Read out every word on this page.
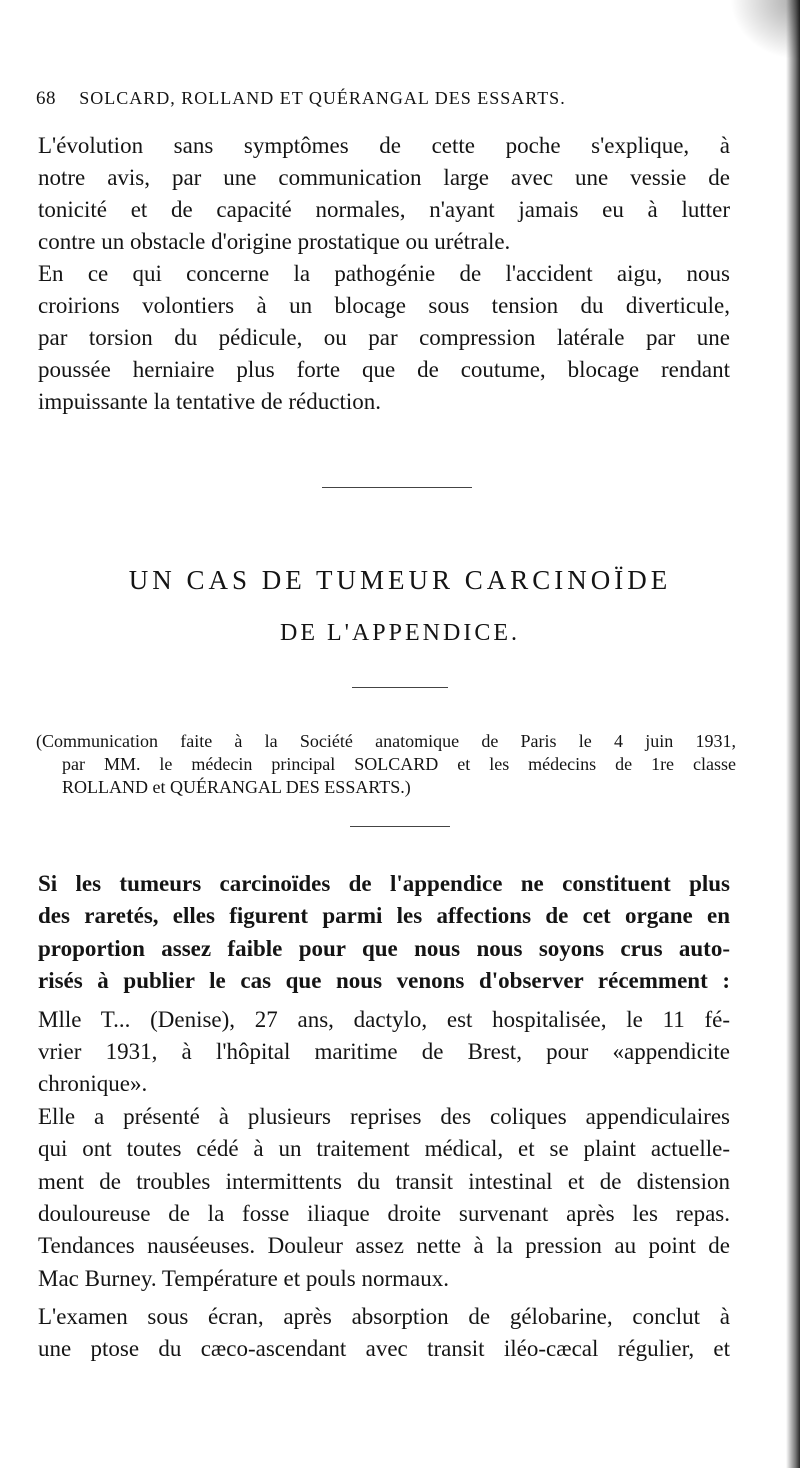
68 SOLCARD, ROLLAND ET QUÉRANGAL DES ESSARTS.
L'évolution sans symptômes de cette poche s'explique, à
notre avis, par une communication large avec une vessie de
tonicité et de capacité normales, n'ayant jamais eu à lutter
contre un obstacle d'origine prostatique ou urétrale.
En ce qui concerne la pathogénie de l'accident aigu, nous
croirions volontiers à un blocage sous tension du diverticule,
par torsion du pédicule, ou par compression latérale par une
poussée herniaire plus forte que de coutume, blocage rendant
impuissante la tentative de réduction.
UN CAS DE TUMEUR CARCINOÏDE
DE L'APPENDICE.
(Communication faite à la Société anatomique de Paris le 4 juin 1931,
par MM. le médecin principal SOLCARD et les médecins de 1re classe
ROLLAND et QUÉRANGAL DES ESSARTS.)
Si les tumeurs carcinoïdes de l'appendice ne constituent plus
des raretés, elles figurent parmi les affections de cet organe en
proportion assez faible pour que nous nous soyons crus auto-
risés à publier le cas que nous venons d'observer récemment :
Mlle T... (Denise), 27 ans, dactylo, est hospitalisée, le 11 fé-
vrier 1931, à l'hôpital maritime de Brest, pour «appendicite
chronique».
Elle a présenté à plusieurs reprises des coliques appendiculaires
qui ont toutes cédé à un traitement médical, et se plaint actuelle-
ment de troubles intermittents du transit intestinal et de distension
douloureuse de la fosse iliaque droite survenant après les repas.
Tendances nauséeuses. Douleur assez nette à la pression au point de
Mac Burney. Température et pouls normaux.
L'examen sous écran, après absorption de gélobarine, conclut à
une ptose du cæco-ascendant avec transit iléo-cæcal régulier, et
